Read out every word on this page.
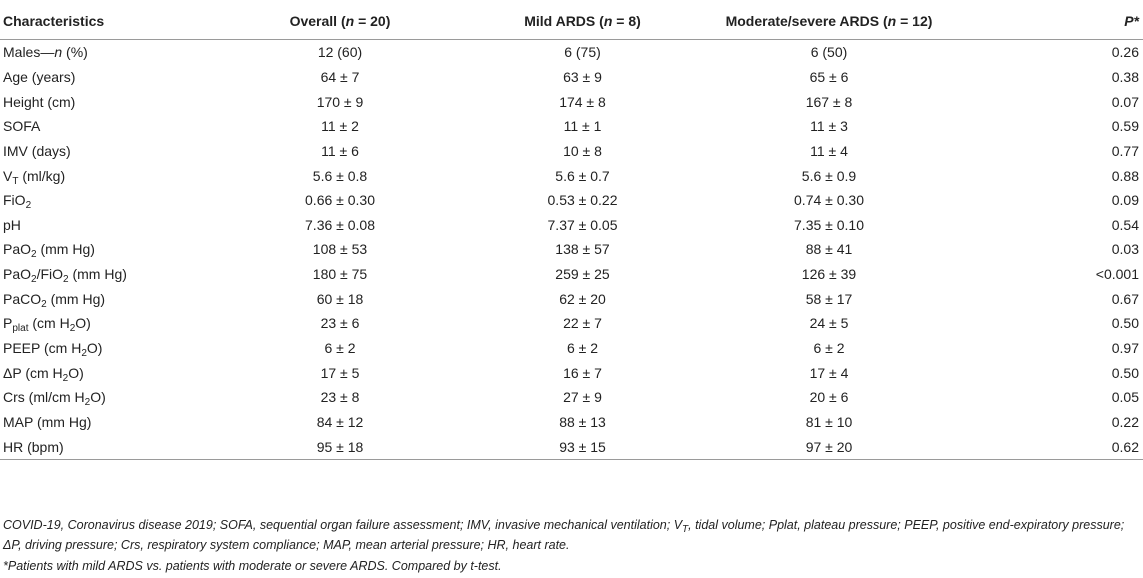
Characteristics	Overall (n = 20)	Mild ARDS (n = 8)	Moderate/severe ARDS (n = 12)	P*
Males—n (%)	12 (60)	6 (75)	6 (50)	0.26
Age (years)	64 ± 7	63 ± 9	65 ± 6	0.38
Height (cm)	170 ± 9	174 ± 8	167 ± 8	0.07
SOFA	11 ± 2	11 ± 1	11 ± 3	0.59
IMV (days)	11 ± 6	10 ± 8	11 ± 4	0.77
$V_T$ (ml/kg)	5.6 ± 0.8	5.6 ± 0.7	5.6 ± 0.9	0.88
FiO$_2$	0.66 ± 0.30	0.53 ± 0.22	0.74 ± 0.30	0.09
pH	7.36 ± 0.08	7.37 ± 0.05	7.35 ± 0.10	0.54
PaO$_2$ (mm Hg)	108 ± 53	138 ± 57	88 ± 41	0.03
PaO$_2$/FiO$_2$ (mm Hg)	180 ± 75	259 ± 25	126 ± 39	<0.001
PaCO$_2$ (mm Hg)	60 ± 18	62 ± 20	58 ± 17	0.67
$P_{plat}$ (cm $H_2O$)	23 ± 6	22 ± 7	24 ± 5	0.50
PEEP (cm $H_2O$)	6 ± 2	6 ± 2	6 ± 2	0.97
ΔP (cm $H_2O$)	17 ± 5	16 ± 7	17 ± 4	0.50
Crs (ml/cm $H_2O$)	23 ± 8	27 ± 9	20 ± 6	0.05
MAP (mm Hg)	84 ± 12	88 ± 13	81 ± 10	0.22
HR (bpm)	95 ± 18	93 ± 15	97 ± 20	0.62
COVID-19, Coronavirus disease 2019; SOFA, sequential organ failure assessment; IMV, invasive mechanical ventilation; $V_T$, tidal volume; Pplat, plateau pressure; PEEP, positive end-expiratory pressure; ΔP, driving pressure; Crs, respiratory system compliance; MAP, mean arterial pressure; HR, heart rate.
*Patients with mild ARDS vs. patients with moderate or severe ARDS. Compared by t-test.
